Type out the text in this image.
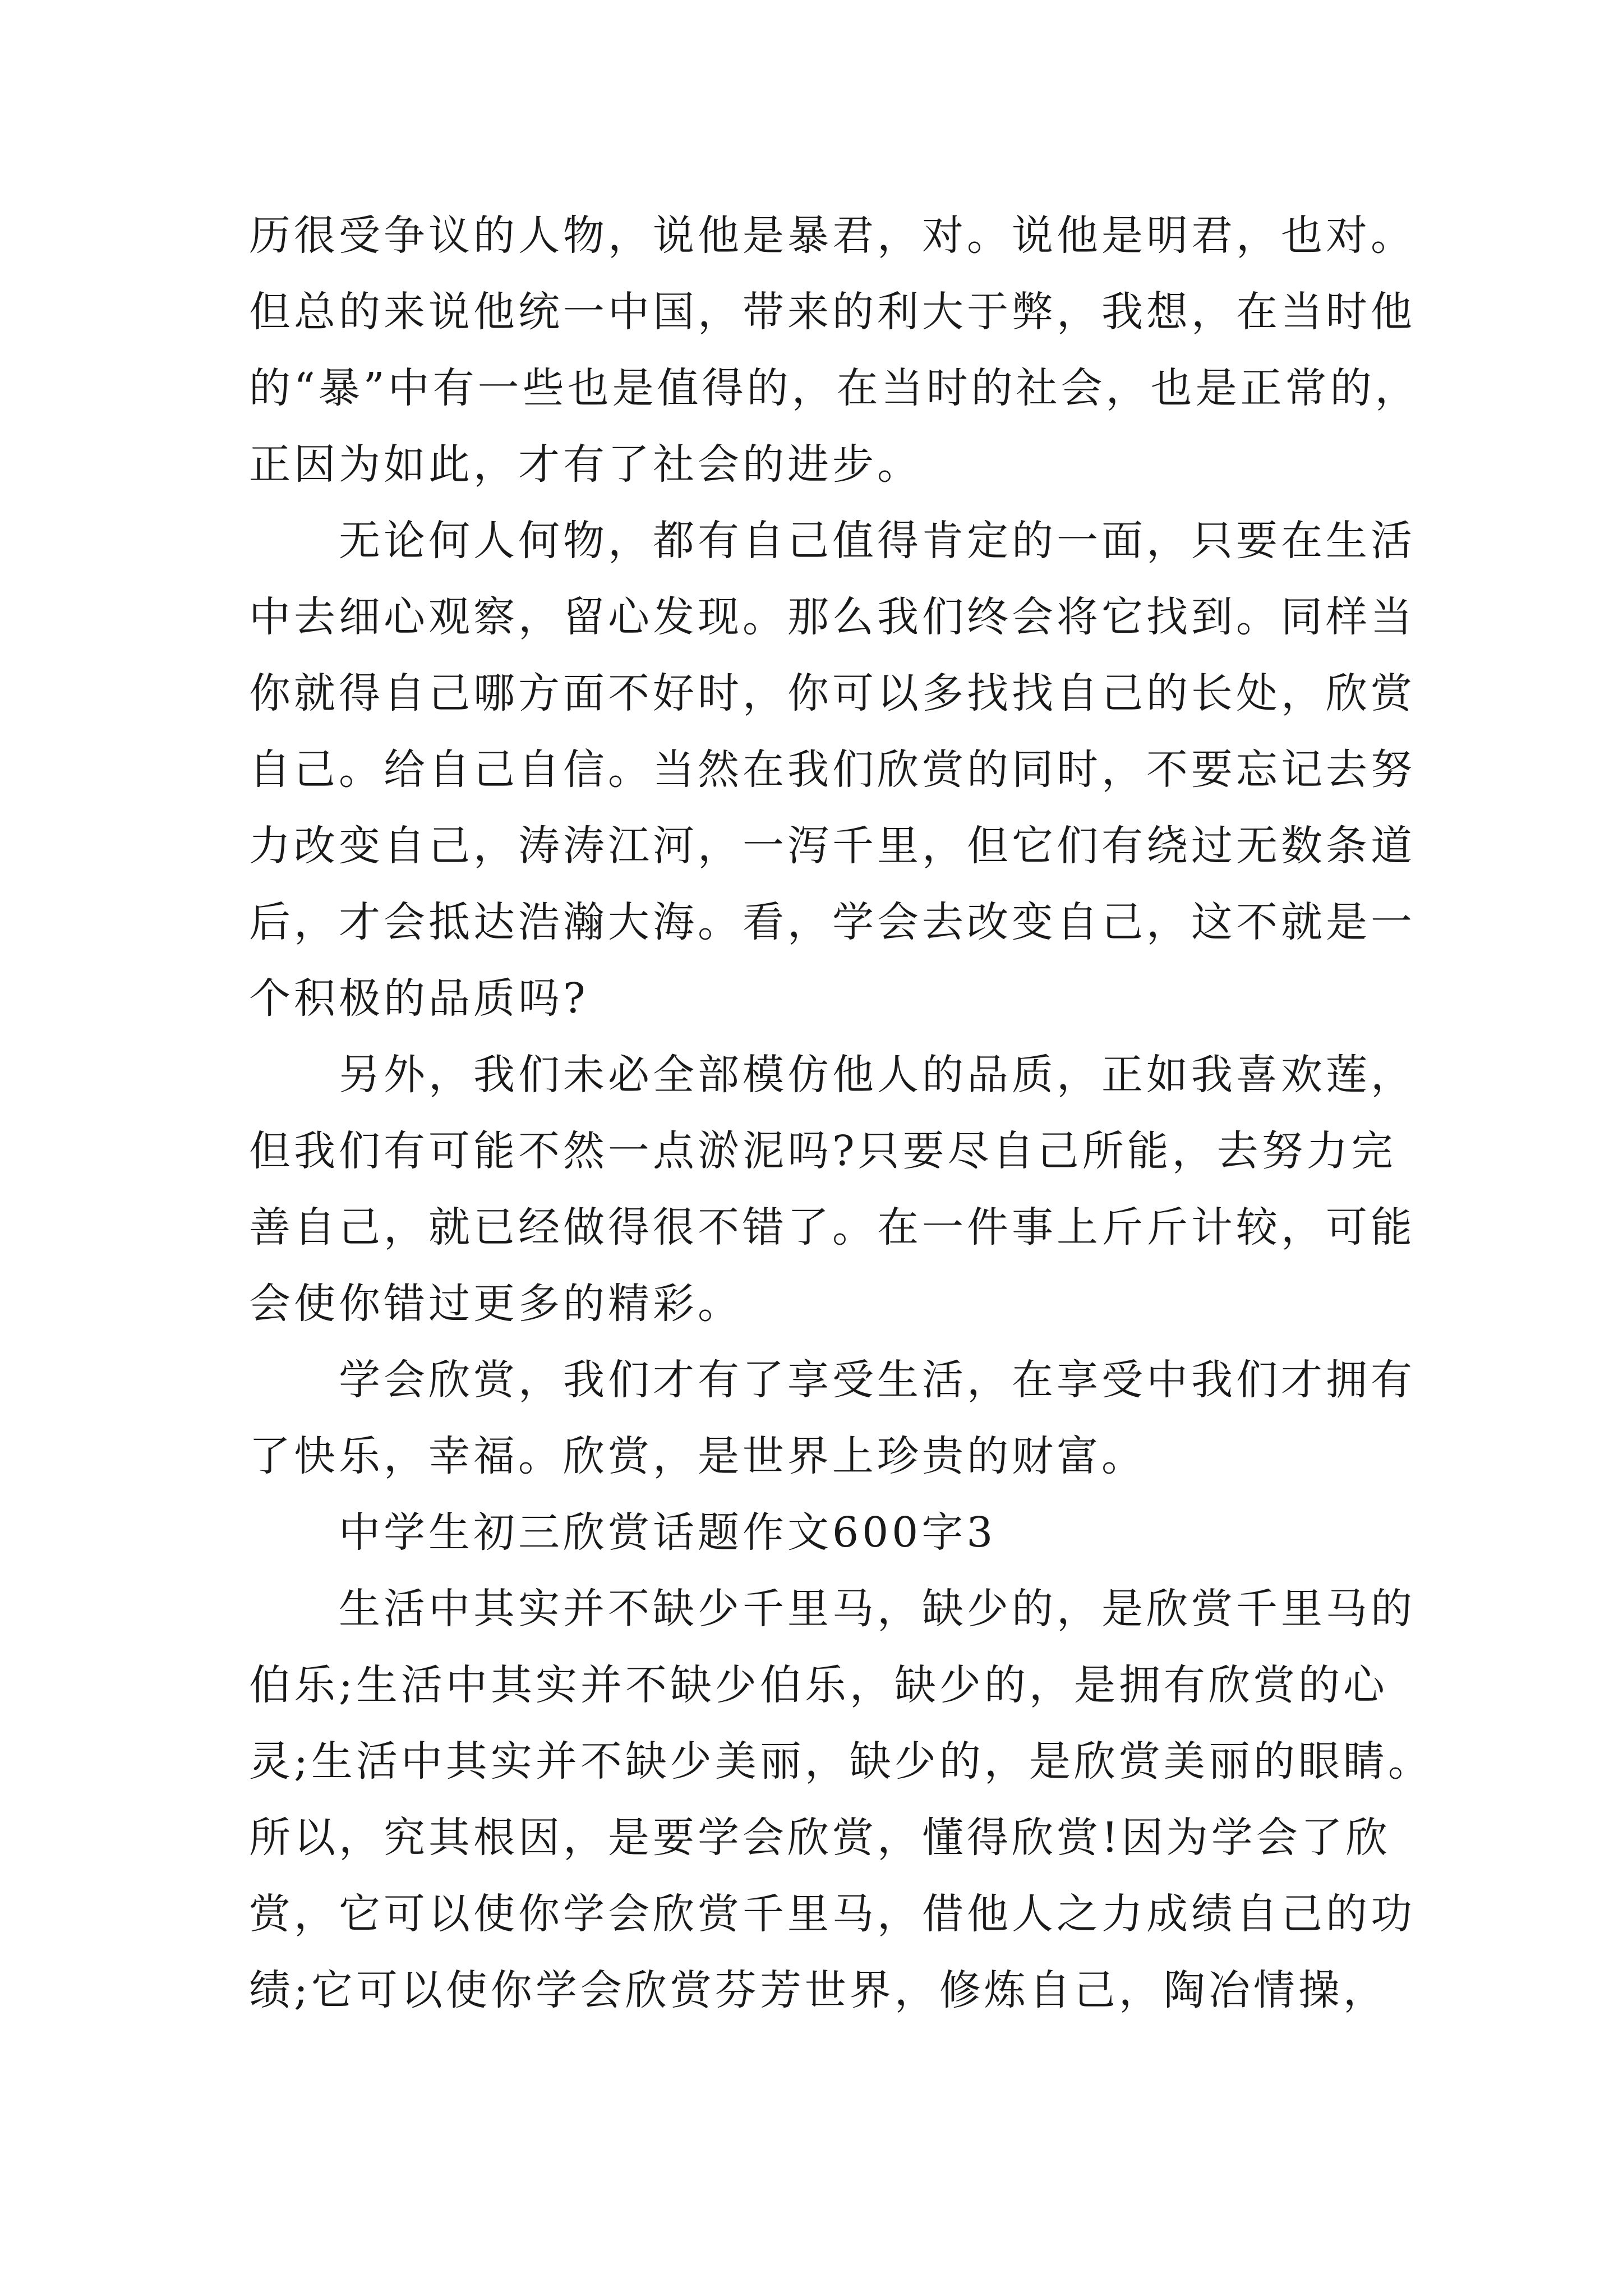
历很受争议的人物，说他是暴君，对。说他是明君，也对。
但总的来说他统一中国，带来的利大于弊，我想，在当时他
的“暴”中有一些也是值得的，在当时的社会，也是正常的，
正因为如此，才有了社会的进步。

无论何人何物，都有自己值得肯定的一面，只要在生活
中去细心观察，留心发现。那么我们终会将它找到。同样当
你就得自己哪方面不好时，你可以多找找自己的长处，欣赏
自己。给自己自信。当然在我们欣赏的同时，不要忘记去努
力改变自己，涛涛江河，一泻千里，但它们有绕过无数条道
后，才会抵达浩瀚大海。看，学会去改变自己，这不就是一
个积极的品质吗?

另外，我们未必全部模仿他人的品质，正如我喜欢莲，
但我们有可能不然一点淤泥吗?只要尽自己所能，去努力完
善自己，就已经做得很不错了。在一件事上斤斤计较，可能
会使你错过更多的精彩。

学会欣赏，我们才有了享受生活，在享受中我们才拥有
了快乐，幸福。欣赏，是世界上珍贵的财富。

中学生初三欣赏话题作文600字3

生活中其实并不缺少千里马，缺少的，是欣赏千里马的
伯乐;生活中其实并不缺少伯乐，缺少的，是拥有欣赏的心
灵;生活中其实并不缺少美丽，缺少的，是欣赏美丽的眼睛。
所以，究其根因，是要学会欣赏，懂得欣赏!因为学会了欣
赏，它可以使你学会欣赏千里马，借他人之力成绩自己的功
绩;它可以使你学会欣赏芬芳世界，修炼自己，陶冶情操，
